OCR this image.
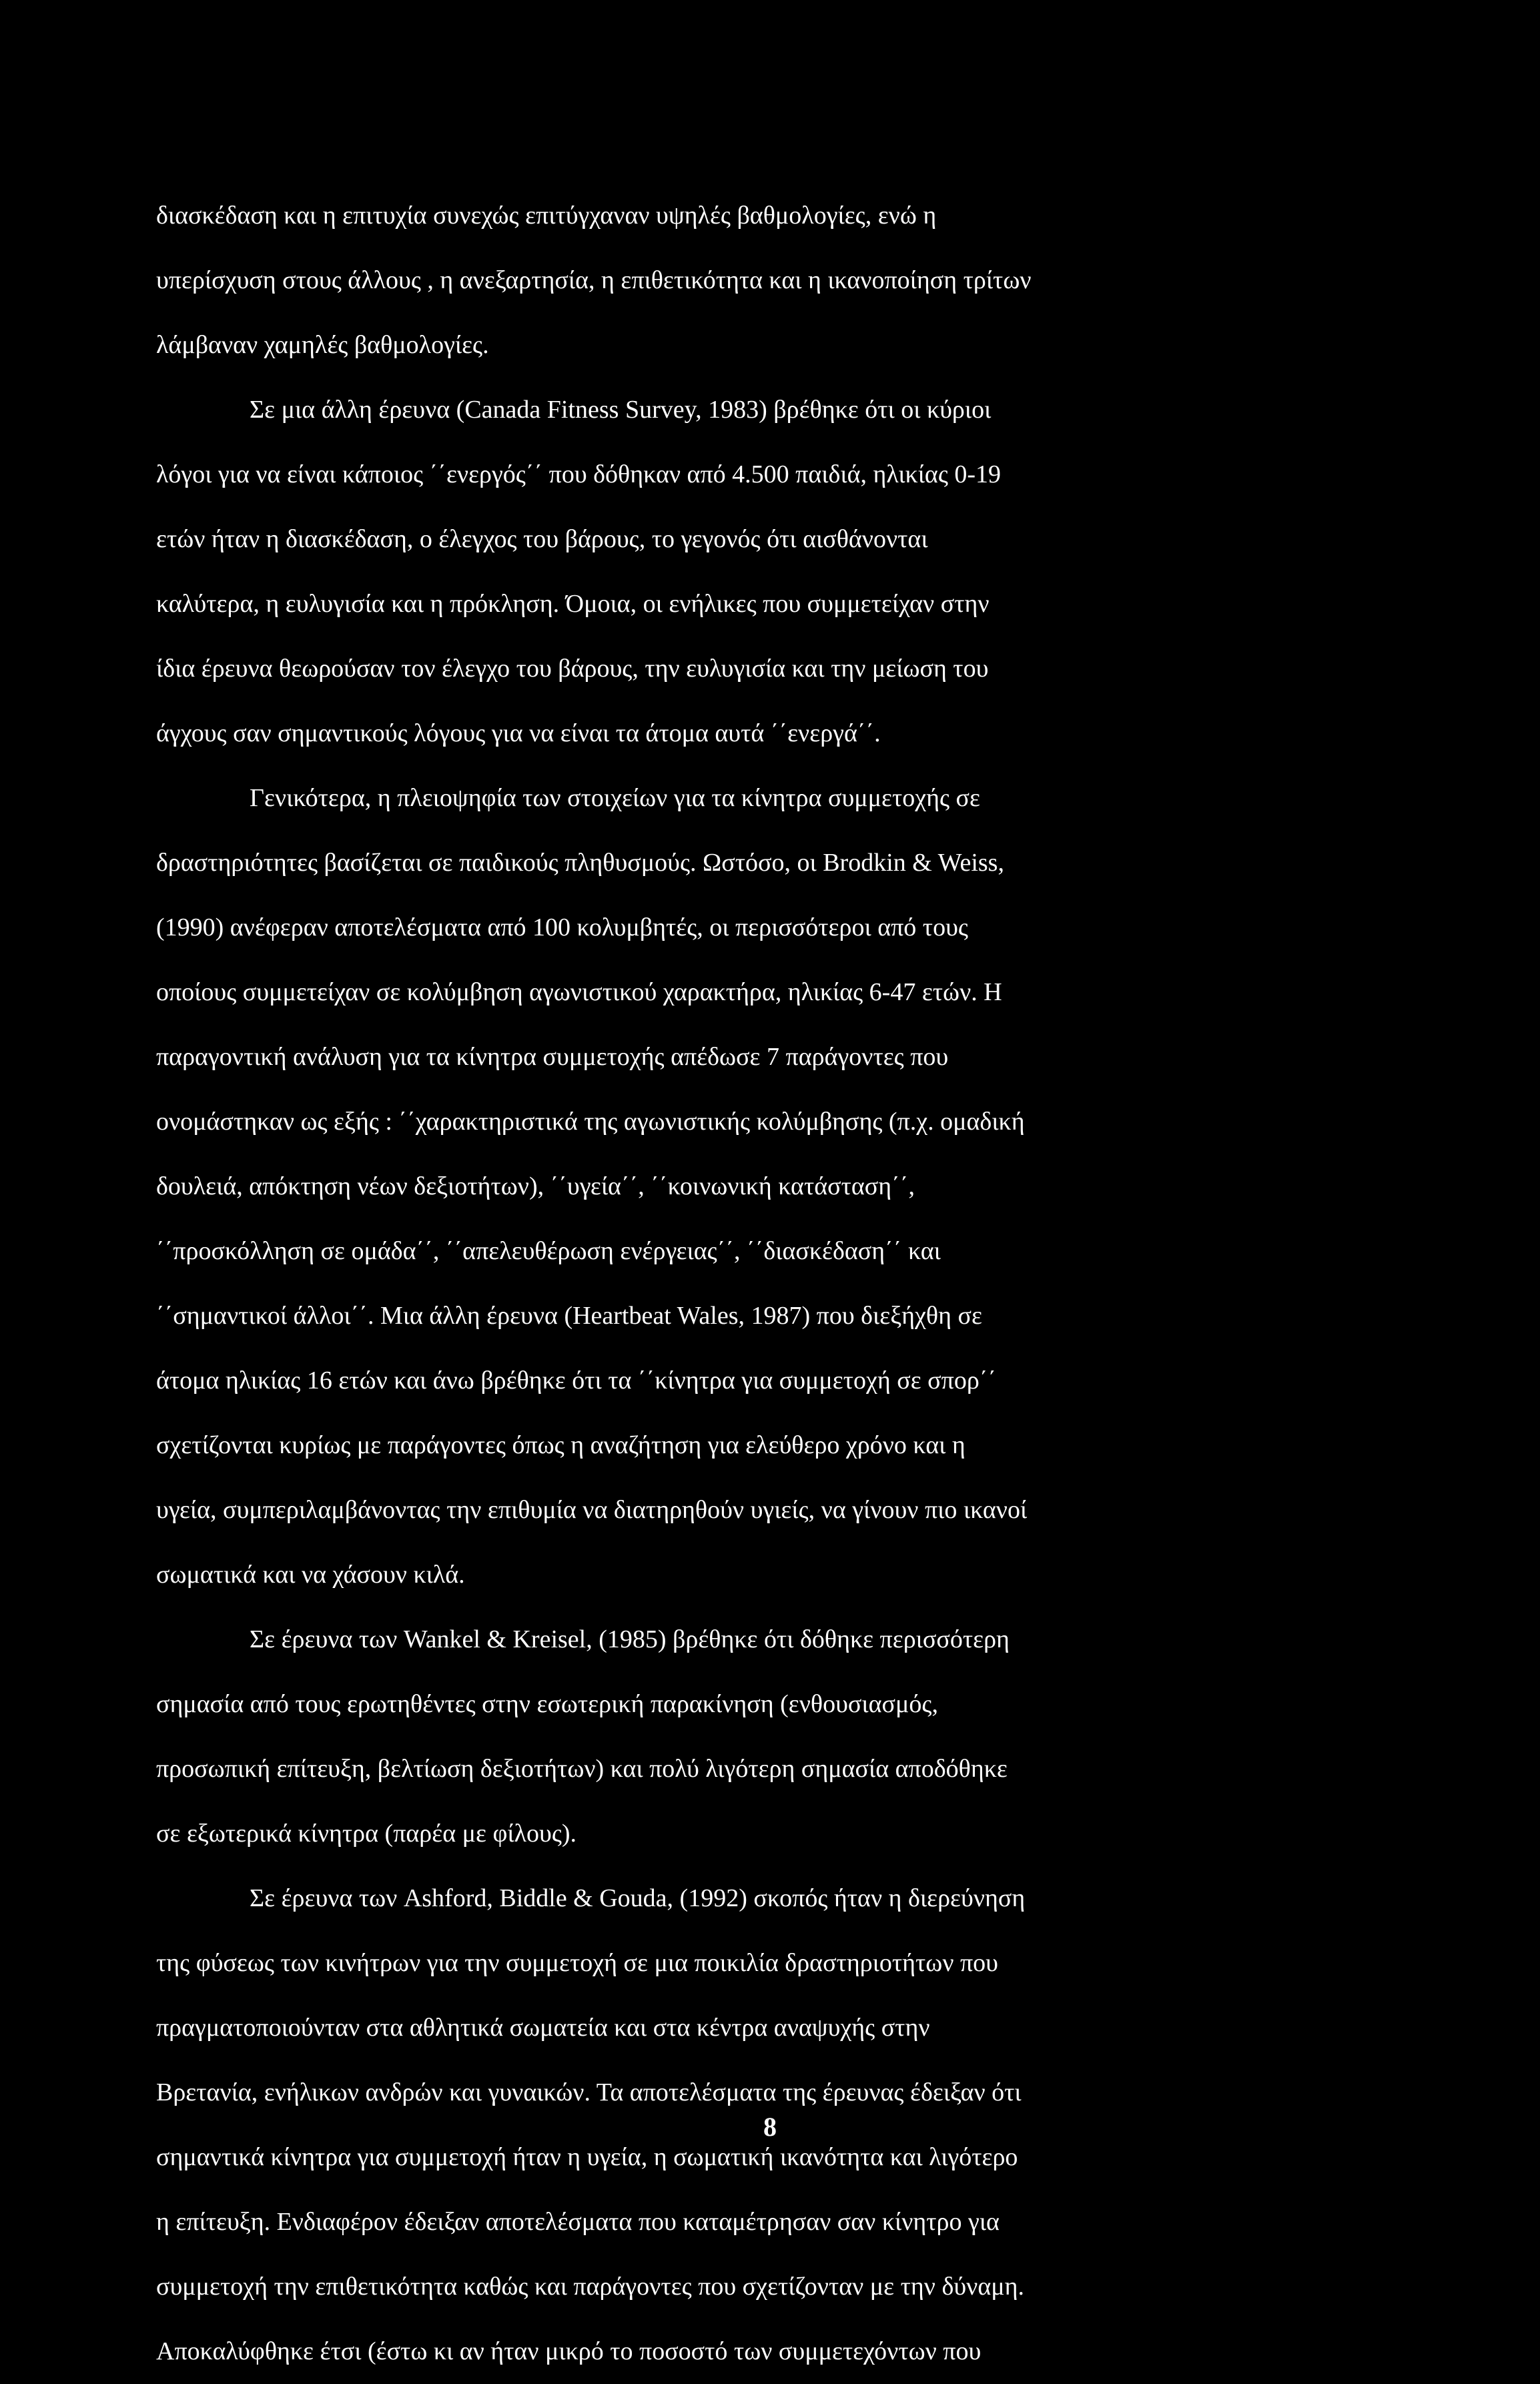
διασκέδαση και η επιτυχία συνεχώς επιτύγχαναν υψηλές βαθμολογίες, ενώ η
υπερίσχυση στους άλλους , η ανεξαρτησία, η επιθετικότητα και η ικανοποίηση τρίτων
λάμβαναν χαμηλές βαθμολογίες.
Σε μια άλλη έρευνα (Canada Fitness Survey, 1983) βρέθηκε ότι οι κύριοι
λόγοι για να είναι κάποιος ΄΄ενεργός΄΄ που δόθηκαν από 4.500 παιδιά, ηλικίας 0-19
ετών ήταν η διασκέδαση, ο έλεγχος του βάρους, το γεγονός ότι αισθάνονται
καλύτερα, η ευλυγισία και η πρόκληση. Όμοια, οι ενήλικες που συμμετείχαν στην
ίδια έρευνα θεωρούσαν τον έλεγχο του βάρους, την ευλυγισία και την μείωση του
άγχους σαν σημαντικούς λόγους για να είναι τα άτομα αυτά ΄΄ενεργά΄΄.
Γενικότερα, η πλειοψηφία των στοιχείων για τα κίνητρα συμμετοχής σε
δραστηριότητες βασίζεται σε παιδικούς πληθυσμούς. Ωστόσο, οι Brodkin & Weiss,
(1990) ανέφεραν αποτελέσματα από 100 κολυμβητές, οι περισσότεροι από τους
οποίους συμμετείχαν σε κολύμβηση αγωνιστικού χαρακτήρα, ηλικίας 6-47 ετών. Η
παραγοντική ανάλυση για τα κίνητρα συμμετοχής απέδωσε 7 παράγοντες που
ονομάστηκαν ως εξής : ΄΄χαρακτηριστικά της αγωνιστικής κολύμβησης (π.χ. ομαδική
δουλειά, απόκτηση νέων δεξιοτήτων), ΄΄υγεία΄΄, ΄΄κοινωνική κατάσταση΄΄,
΄΄προσκόλληση σε ομάδα΄΄, ΄΄απελευθέρωση ενέργειας΄΄, ΄΄διασκέδαση΄΄ και
΄΄σημαντικοί άλλοι΄΄. Μια άλλη έρευνα (Heartbeat Wales, 1987) που διεξήχθη σε
άτομα ηλικίας 16 ετών και άνω βρέθηκε ότι τα ΄΄κίνητρα για συμμετοχή σε σπορ΄΄
σχετίζονται κυρίως με παράγοντες όπως η αναζήτηση για ελεύθερο χρόνο και η
υγεία, συμπεριλαμβάνοντας την επιθυμία να διατηρηθούν υγιείς, να γίνουν πιο ικανοί
σωματικά και να χάσουν κιλά.
Σε έρευνα των Wankel & Kreisel, (1985) βρέθηκε ότι δόθηκε περισσότερη
σημασία από τους ερωτηθέντες στην εσωτερική παρακίνηση (ενθουσιασμός,
προσωπική επίτευξη, βελτίωση δεξιοτήτων) και πολύ λιγότερη σημασία αποδόθηκε
σε εξωτερικά κίνητρα (παρέα με φίλους).
Σε έρευνα των Ashford, Biddle & Gouda, (1992) σκοπός ήταν η διερεύνηση
της φύσεως των κινήτρων για την συμμετοχή σε μια ποικιλία δραστηριοτήτων που
πραγματοποιούνταν στα αθλητικά σωματεία και στα κέντρα αναψυχής στην
Βρετανία, ενήλικων ανδρών και γυναικών. Τα αποτελέσματα της έρευνας έδειξαν ότι
σημαντικά κίνητρα για συμμετοχή ήταν η υγεία, η σωματική ικανότητα και λιγότερο
η επίτευξη. Ενδιαφέρον έδειξαν αποτελέσματα που καταμέτρησαν σαν κίνητρο για
συμμετοχή την επιθετικότητα καθώς και παράγοντες που σχετίζονταν με την δύναμη.
Αποκαλύφθηκε έτσι (έστω κι αν ήταν μικρό το ποσοστό των συμμετεχόντων που
8
